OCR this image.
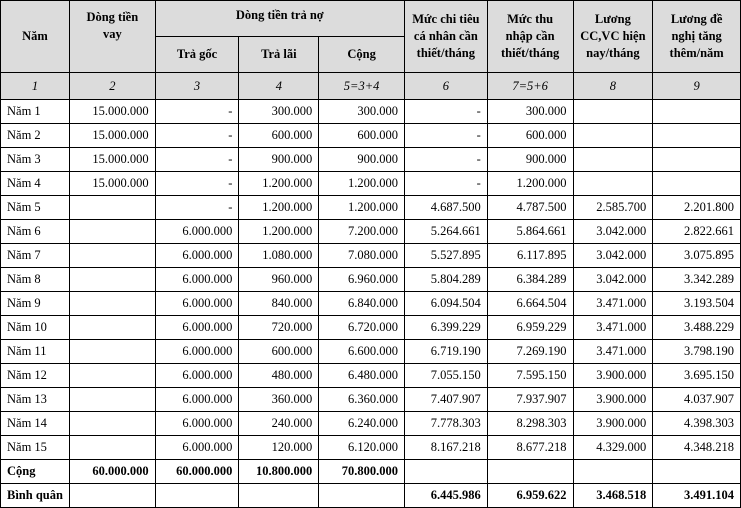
Năm	Dòng tiền vay	Dòng tiền trả nợ			Mức chi tiêu cá nhân cần thiết/tháng	Mức thu nhập cần thiết/tháng	Lương CC,VC hiện nay/tháng	Lương đề nghị tăng thêm/năm
		Trả gốc	Trả lãi	Cộng				
1	2	3	4	5=3+4	6	7=5+6	8	9
Năm 1	15.000.000	-	300.000	300.000	-	300.000		
Năm 2	15.000.000	-	600.000	600.000	-	600.000		
Năm 3	15.000.000	-	900.000	900.000	-	900.000		
Năm 4	15.000.000	-	1.200.000	1.200.000	-	1.200.000		
Năm 5		-	1.200.000	1.200.000	4.687.500	4.787.500	2.585.700	2.201.800
Năm 6		6.000.000	1.200.000	7.200.000	5.264.661	5.864.661	3.042.000	2.822.661
Năm 7		6.000.000	1.080.000	7.080.000	5.527.895	6.117.895	3.042.000	3.075.895
Năm 8		6.000.000	960.000	6.960.000	5.804.289	6.384.289	3.042.000	3.342.289
Năm 9		6.000.000	840.000	6.840.000	6.094.504	6.664.504	3.471.000	3.193.504
Năm 10		6.000.000	720.000	6.720.000	6.399.229	6.959.229	3.471.000	3.488.229
Năm 11		6.000.000	600.000	6.600.000	6.719.190	7.269.190	3.471.000	3.798.190
Năm 12		6.000.000	480.000	6.480.000	7.055.150	7.595.150	3.900.000	3.695.150
Năm 13		6.000.000	360.000	6.360.000	7.407.907	7.937.907	3.900.000	4.037.907
Năm 14		6.000.000	240.000	6.240.000	7.778.303	8.298.303	3.900.000	4.398.303
Năm 15		6.000.000	120.000	6.120.000	8.167.218	8.677.218	4.329.000	4.348.218
Cộng	60.000.000	60.000.000	10.800.000	70.800.000				
Bình quân					6.445.986	6.959.622	3.468.518	3.491.104
